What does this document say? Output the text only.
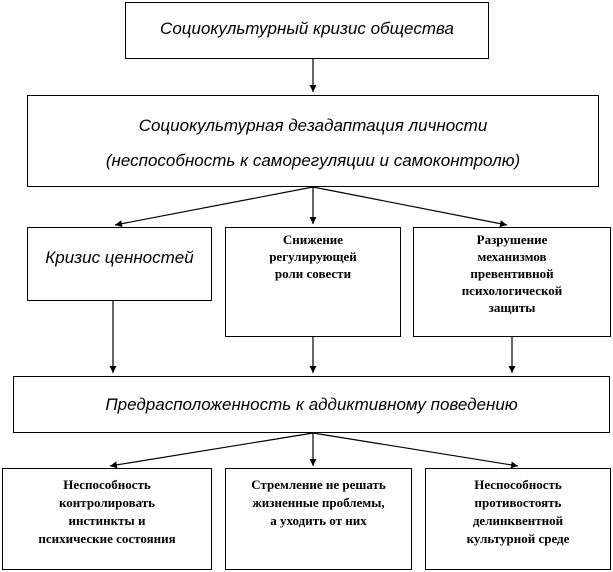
Социокультурный кризис общества
Социокультурная дезадаптация личности
(неспособность к саморегуляции и самоконтролю)
Кризис ценностей
Снижение
регулирующей
роли совести
Разрушение
механизмов
превентивной
психологической
защиты
Предрасположенность к аддиктивному поведению
Неспособность
контролировать
инстинкты и
психические состояния
Стремление не решать
жизненные проблемы,
а уходить от них
Неспособность
противостоять
делинквентной
культурной среде
